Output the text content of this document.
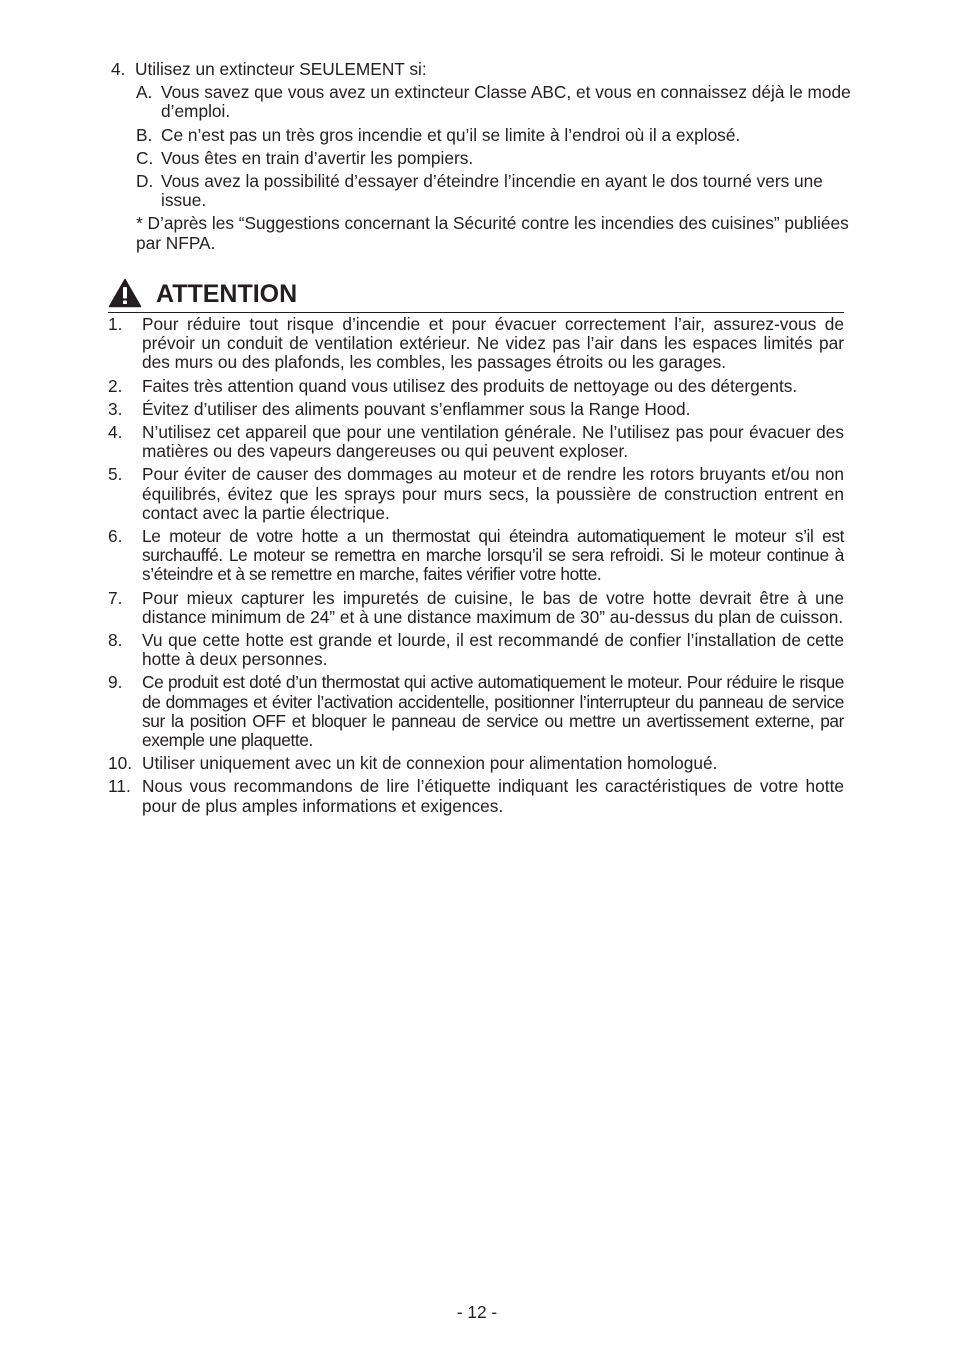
4. Utilisez un extincteur SEULEMENT si:
A. Vous savez que vous avez un extincteur Classe ABC, et vous en connaissez déjà le mode d’emploi.
B. Ce n’est pas un très gros incendie et qu’il se limite à l’endroi où il a explosé.
C. Vous êtes en train d’avertir les pompiers.
D. Vous avez la possibilité d’essayer d’éteindre l’incendie en ayant le dos tourné vers une issue.
* D’après les “Suggestions concernant la Sécurité contre les incendies des cuisines” publiées par NFPA.
ATTENTION
1. Pour réduire tout risque d’incendie et pour évacuer correctement l’air, assurez-vous de prévoir un conduit de ventilation extérieur. Ne videz pas l’air dans les espaces limités par des murs ou des plafonds, les combles, les passages étroits ou les garages.
2. Faites très attention quand vous utilisez des produits de nettoyage ou des détergents.
3. Évitez d’utiliser des aliments pouvant s’enflammer sous la Range Hood.
4. N’utilisez cet appareil que pour une ventilation générale. Ne l’utilisez pas pour évacuer des matières ou des vapeurs dangereuses ou qui peuvent exploser.
5. Pour éviter de causer des dommages au moteur et de rendre les rotors bruyants et/ou non équilibrés, évitez que les sprays pour murs secs, la poussière de construction entrent en contact avec la partie électrique.
6. Le moteur de votre hotte a un thermostat qui éteindra automatiquement le moteur s’il est surchauffé. Le moteur se remettra en marche lorsqu’il se sera refroidi. Si le moteur continue à s’éteindre et à se remettre en marche, faites vérifier votre hotte.
7. Pour mieux capturer les impuretés de cuisine, le bas de votre hotte devrait être à une distance minimum de 24” et à une distance maximum de 30” au-dessus du plan de cuisson.
8. Vu que cette hotte est grande et lourde, il est recommandé de confier l’installation de cette hotte à deux personnes.
9. Ce produit est doté d’un thermostat qui active automatiquement le moteur. Pour réduire le risque de dommages et éviter l’activation accidentelle, positionner l’interrupteur du panneau de service sur la position OFF et bloquer le panneau de service ou mettre un avertissement externe, par exemple une plaquette.
10. Utiliser uniquement avec un kit de connexion pour alimentation homologué.
11. Nous vous recommandons de lire l’étiquette indiquant les caractéristiques de votre hotte pour de plus amples informations et exigences.
- 12 -
